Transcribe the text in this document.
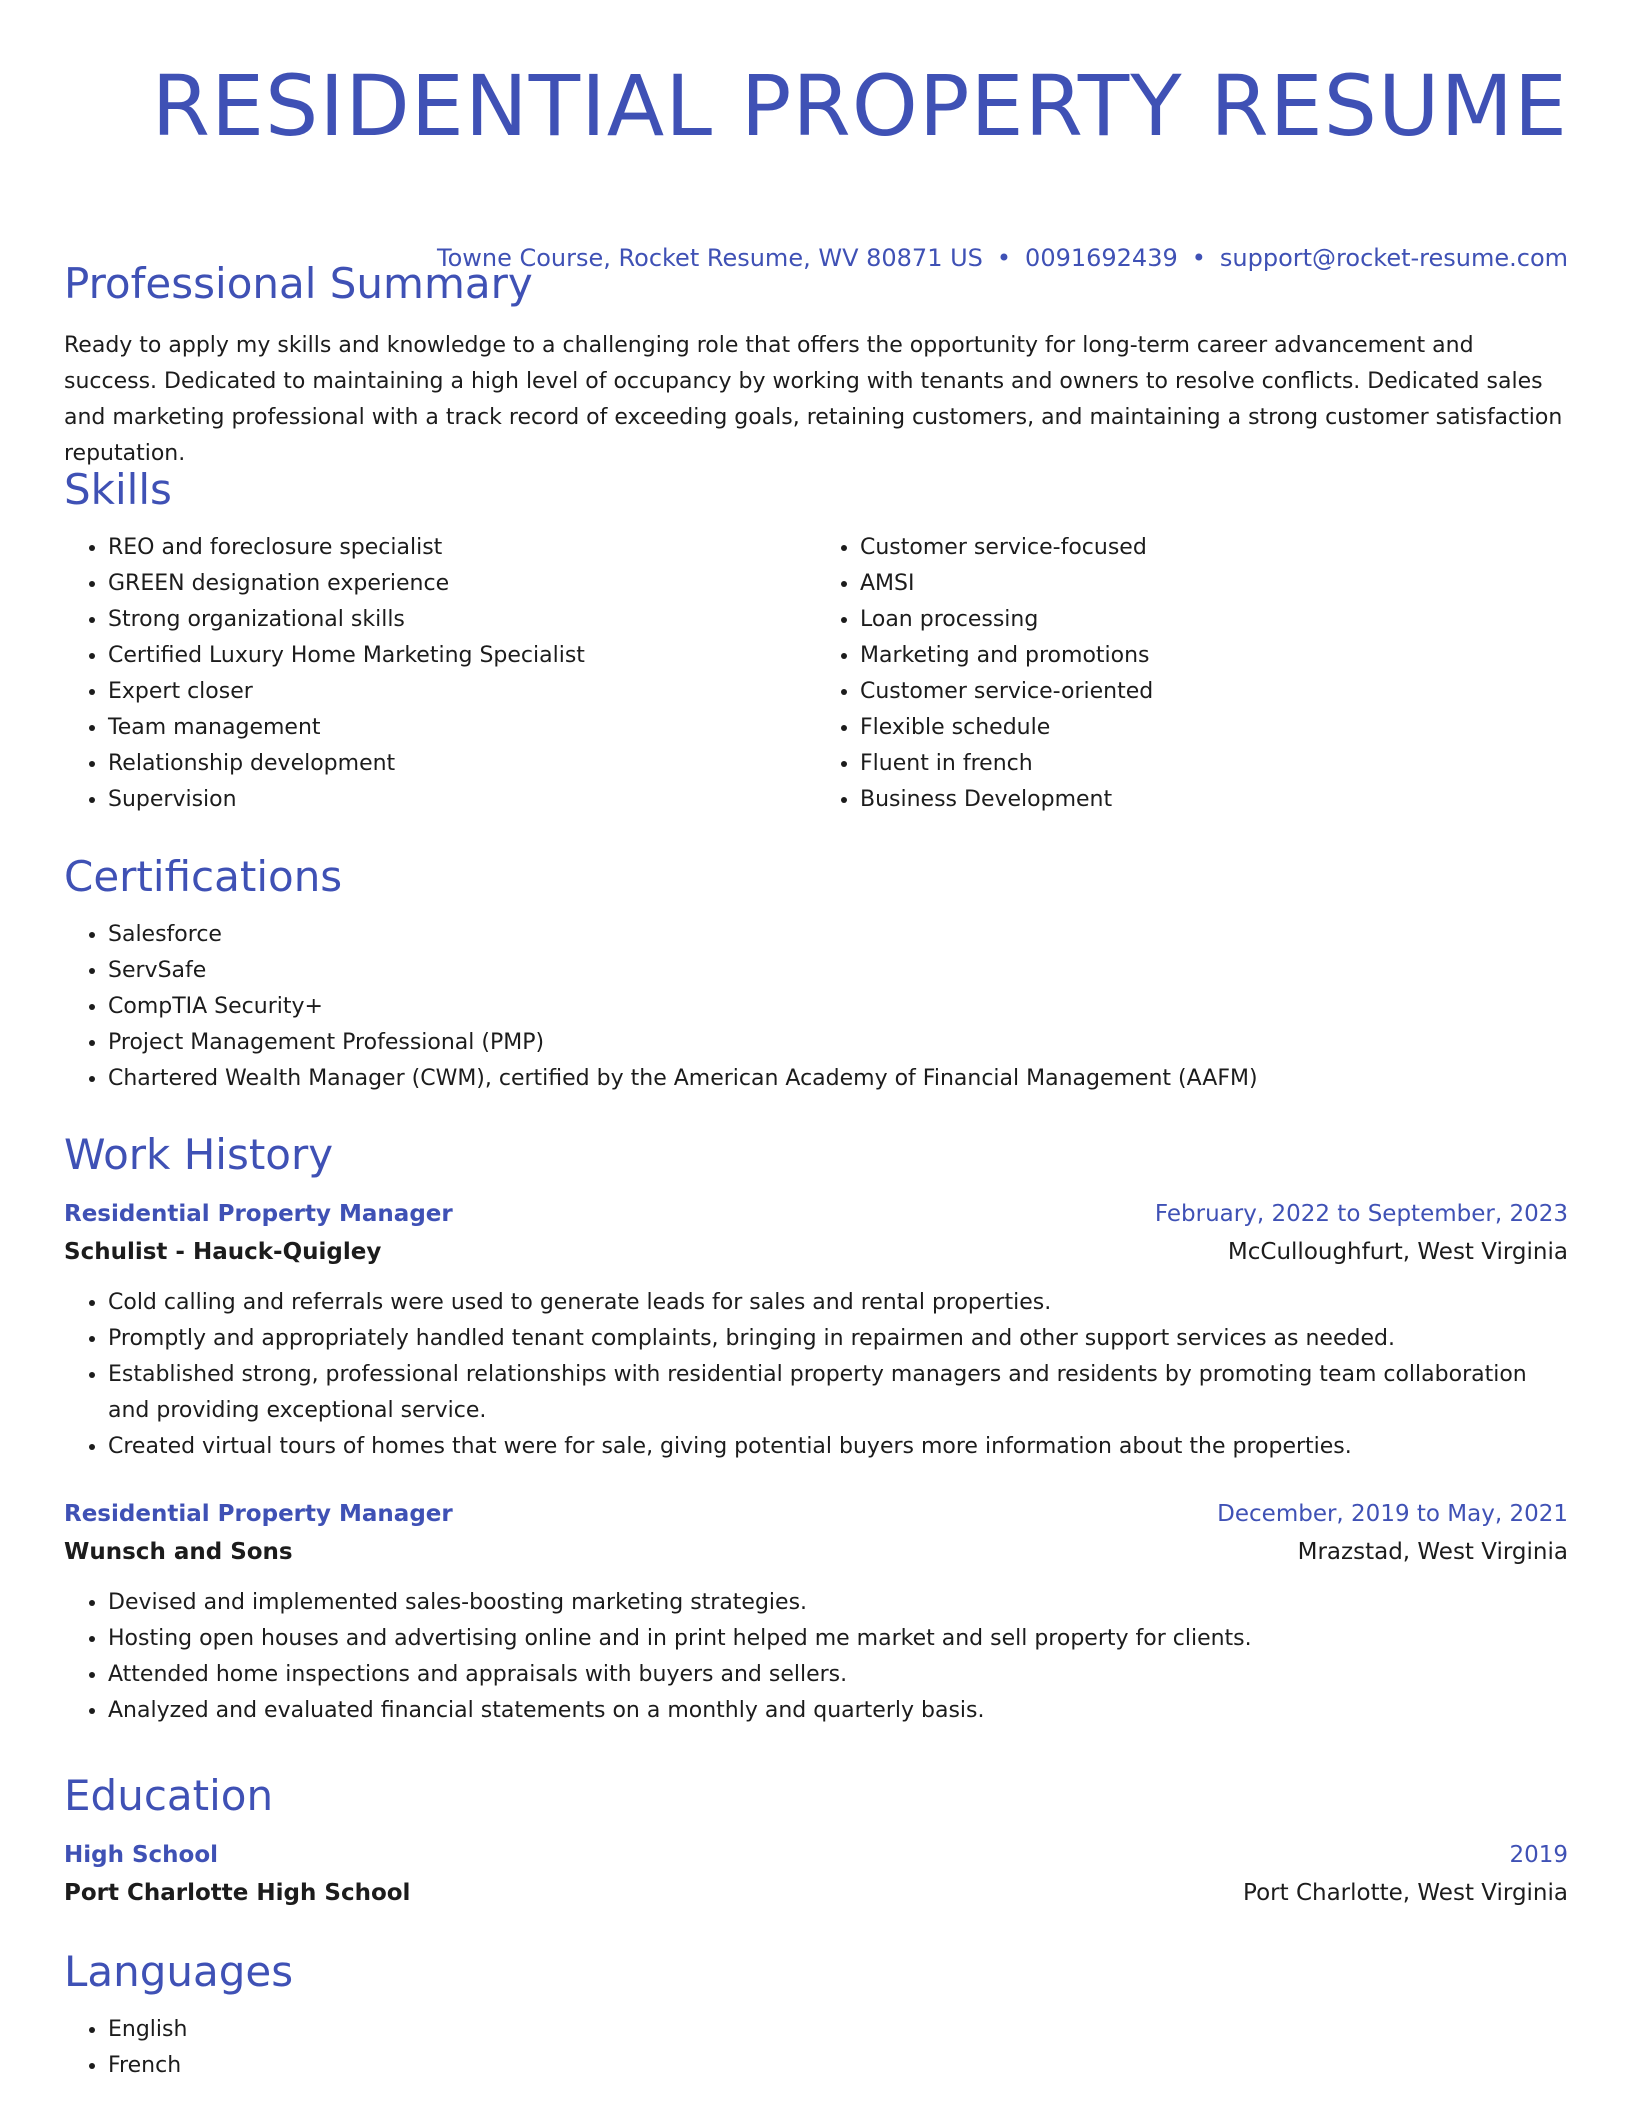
RESIDENTIAL PROPERTY RESUME
Towne Course, Rocket Resume, WV 80871 US • 0091692439 • support@rocket-resume.com
Professional Summary

Ready to apply my skills and knowledge to a challenging role that offers the opportunity for long-term career advancement and success. Dedicated to maintaining a high level of occupancy by working with tenants and owners to resolve conflicts. Dedicated sales and marketing professional with a track record of exceeding goals, retaining customers, and maintaining a strong customer satisfaction reputation.

Skills
• REO and foreclosure specialist
• GREEN designation experience
• Strong organizational skills
• Certified Luxury Home Marketing Specialist
• Expert closer
• Team management
• Relationship development
• Supervision
• Customer service-focused
• AMSI
• Loan processing
• Marketing and promotions
• Customer service-oriented
• Flexible schedule
• Fluent in french
• Business Development
Certifications
• Salesforce
• ServSafe
• CompTIA Security+
• Project Management Professional (PMP)
• Chartered Wealth Manager (CWM), certified by the American Academy of Financial Management (AAFM)
Work History
Residential Property Manager	February, 2022 to September, 2023
Schulist - Hauck-Quigley	McCulloughfurt, West Virginia
• Cold calling and referrals were used to generate leads for sales and rental properties.
• Promptly and appropriately handled tenant complaints, bringing in repairmen and other support services as needed.
• Established strong, professional relationships with residential property managers and residents by promoting team collaboration and providing exceptional service.
• Created virtual tours of homes that were for sale, giving potential buyers more information about the properties.
Residential Property Manager	December, 2019 to May, 2021
Wunsch and Sons	Mrazstad, West Virginia
• Devised and implemented sales-boosting marketing strategies.
• Hosting open houses and advertising online and in print helped me market and sell property for clients.
• Attended home inspections and appraisals with buyers and sellers.
• Analyzed and evaluated financial statements on a monthly and quarterly basis.
Education
High School	2019
Port Charlotte High School	Port Charlotte, West Virginia
Languages
• English
• French
